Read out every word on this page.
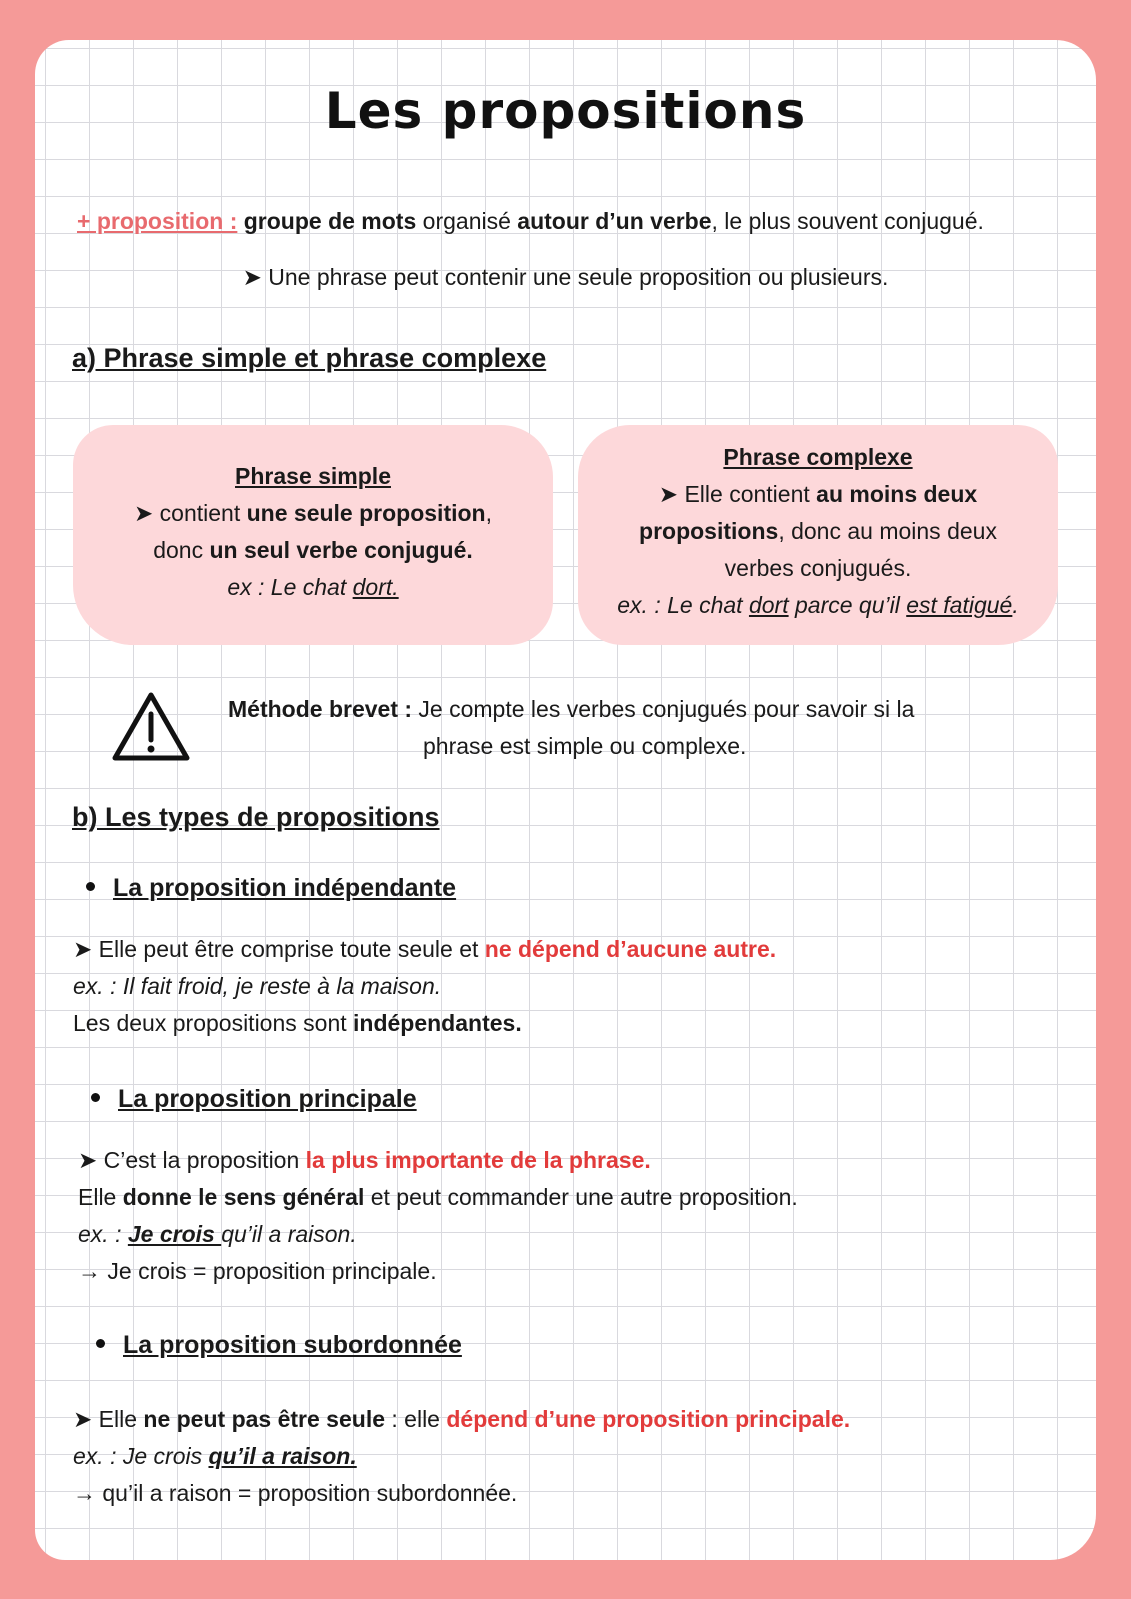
Les propositions
+ proposition : groupe de mots organisé autour d’un verbe, le plus souvent conjugué.
➤ Une phrase peut contenir une seule proposition ou plusieurs.
a) Phrase simple et phrase complexe
Phrase simple
➤ contient une seule proposition,
donc un seul verbe conjugué.
ex : Le chat dort.
Phrase complexe
➤ Elle contient au moins deux
propositions, donc au moins deux
verbes conjugués.
ex. : Le chat dort parce qu’il est fatigué.
Méthode brevet : Je compte les verbes conjugués pour savoir si la
phrase est simple ou complexe.
b) Les types de propositions
La proposition indépendante
➤ Elle peut être comprise toute seule et ne dépend d’aucune autre.
ex. : Il fait froid, je reste à la maison.
Les deux propositions sont indépendantes.
La proposition principale
➤ C’est la proposition la plus importante de la phrase.
Elle donne le sens général et peut commander une autre proposition.
ex. : Je crois qu’il a raison.
→ Je crois = proposition principale.
La proposition subordonnée
➤ Elle ne peut pas être seule : elle dépend d’une proposition principale.
ex. : Je crois qu’il a raison.
→ qu’il a raison = proposition subordonnée.
